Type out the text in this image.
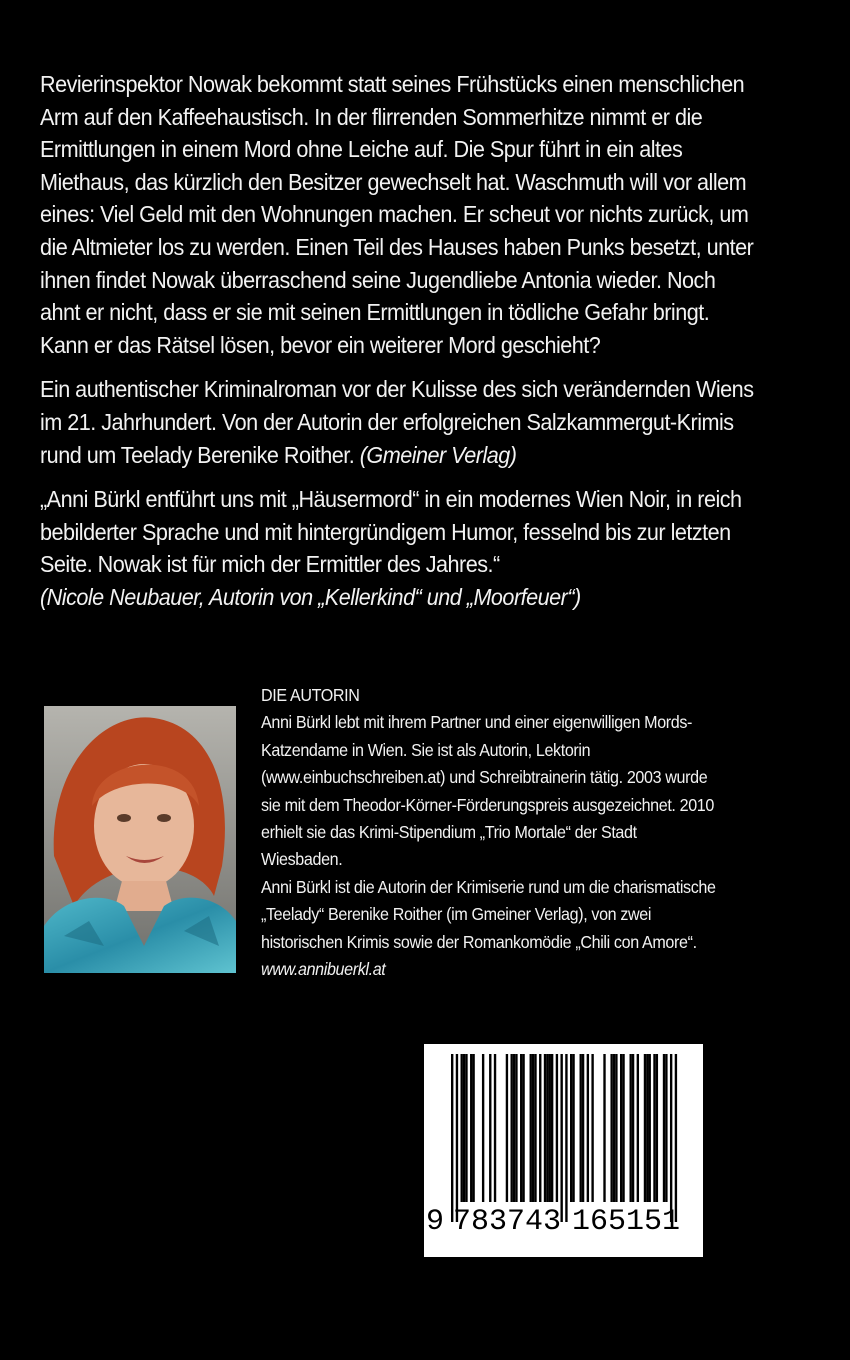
Revierinspektor Nowak bekommt statt seines Frühstücks einen menschlichen Arm auf den Kaffeehaustisch. In der flirrenden Sommerhitze nimmt er die Ermittlungen in einem Mord ohne Leiche auf. Die Spur führt in ein altes Miethaus, das kürzlich den Besitzer gewechselt hat. Waschmuth will vor allem eines: Viel Geld mit den Wohnungen machen. Er scheut vor nichts zurück, um die Altmieter los zu werden. Einen Teil des Hauses haben Punks besetzt, unter ihnen findet Nowak überraschend seine Jugendliebe Antonia wieder. Noch ahnt er nicht, dass er sie mit seinen Ermittlungen in tödliche Gefahr bringt. Kann er das Rätsel lösen, bevor ein weiterer Mord geschieht?

Ein authentischer Kriminalroman vor der Kulisse des sich verändernden Wiens im 21. Jahrhundert. Von der Autorin der erfolgreichen Salzkammergut-Krimis rund um Teelady Berenike Roither. (Gmeiner Verlag)

„Anni Bürkl entführt uns mit „Häusermord“ in ein modernes Wien Noir, in reich bebilderter Sprache und mit hintergründigem Humor, fesselnd bis zur letzten Seite. Nowak ist für mich der Ermittler des Jahres.“
(Nicole Neubauer, Autorin von „Kellerkind“ und „Moorfeuer“)

DIE AUTORIN
Anni Bürkl lebt mit ihrem Partner und einer eigenwilligen Mords-Katzendame in Wien. Sie ist als Autorin, Lektorin (www.einbuchschreiben.at) und Schreibtrainerin tätig. 2003 wurde sie mit dem Theodor-Körner-Förderungspreis ausgezeichnet. 2010 erhielt sie das Krimi-Stipendium „Trio Mortale“ der Stadt Wiesbaden.
Anni Bürkl ist die Autorin der Krimiserie rund um die charismatische „Teelady“ Berenike Roither (im Gmeiner Verlag), von zwei historischen Krimis sowie der Romankomödie „Chili con Amore“.
www.annibuerkl.at
9 7 8 3 7 4 3 1 6 5 1 5 1
